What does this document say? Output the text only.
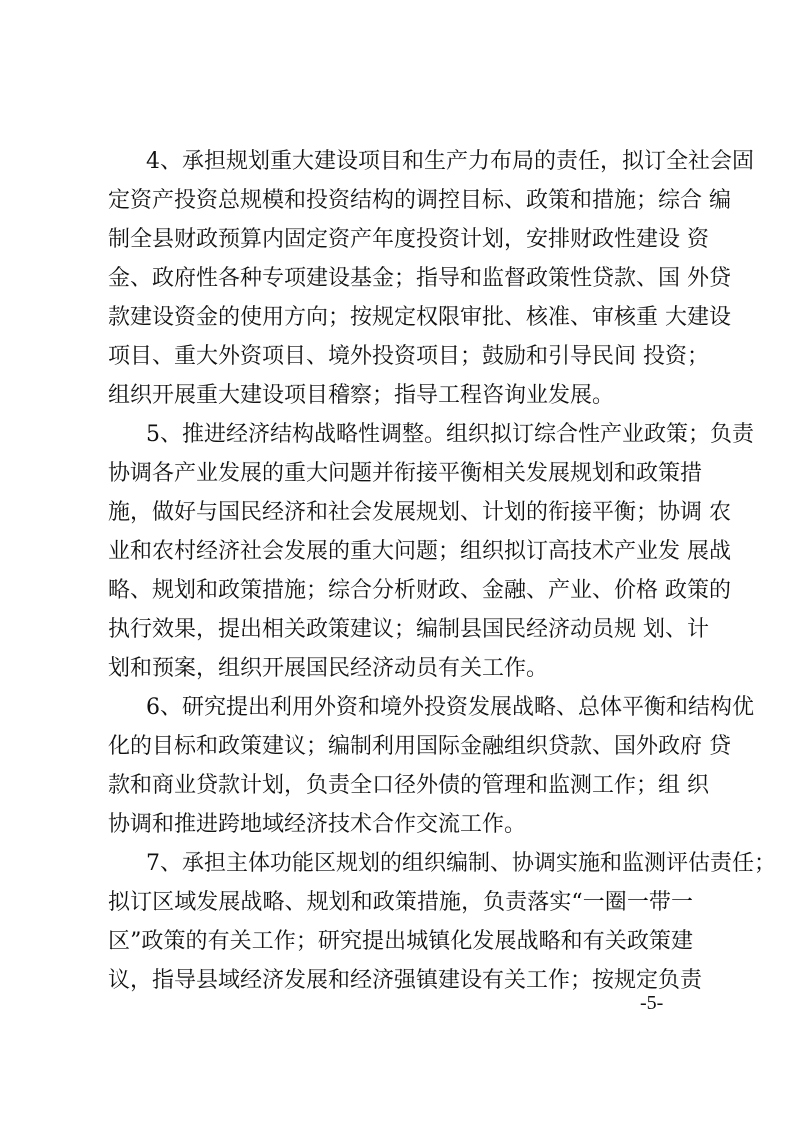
4、承担规划重大建设项目和生产力布局的责任，拟订全社会固
定资产投资总规模和投资结构的调控目标、政策和措施；综合 编
制全县财政预算内固定资产年度投资计划，安排财政性建设 资
金、政府性各种专项建设基金；指导和监督政策性贷款、国 外贷
款建设资金的使用方向；按规定权限审批、核准、审核重 大建设
项目、重大外资项目、境外投资项目；鼓励和引导民间 投资；
组织开展重大建设项目稽察；指导工程咨询业发展。
5、推进经济结构战略性调整。组织拟订综合性产业政策；负责
协调各产业发展的重大问题并衔接平衡相关发展规划和政策措
施，做好与国民经济和社会发展规划、计划的衔接平衡；协调 农
业和农村经济社会发展的重大问题；组织拟订高技术产业发 展战
略、规划和政策措施；综合分析财政、金融、产业、价格 政策的
执行效果，提出相关政策建议；编制县国民经济动员规 划、计
划和预案，组织开展国民经济动员有关工作。
6、研究提出利用外资和境外投资发展战略、总体平衡和结构优
化的目标和政策建议；编制利用国际金融组织贷款、国外政府 贷
款和商业贷款计划，负责全口径外债的管理和监测工作；组 织
协调和推进跨地域经济技术合作交流工作。
7、承担主体功能区规划的组织编制、协调实施和监测评估责任；
拟订区域发展战略、规划和政策措施，负责落实“一圈一带一
区”政策的有关工作；研究提出城镇化发展战略和有关政策建
议，指导县域经济发展和经济强镇建设有关工作；按规定负责
-5-
